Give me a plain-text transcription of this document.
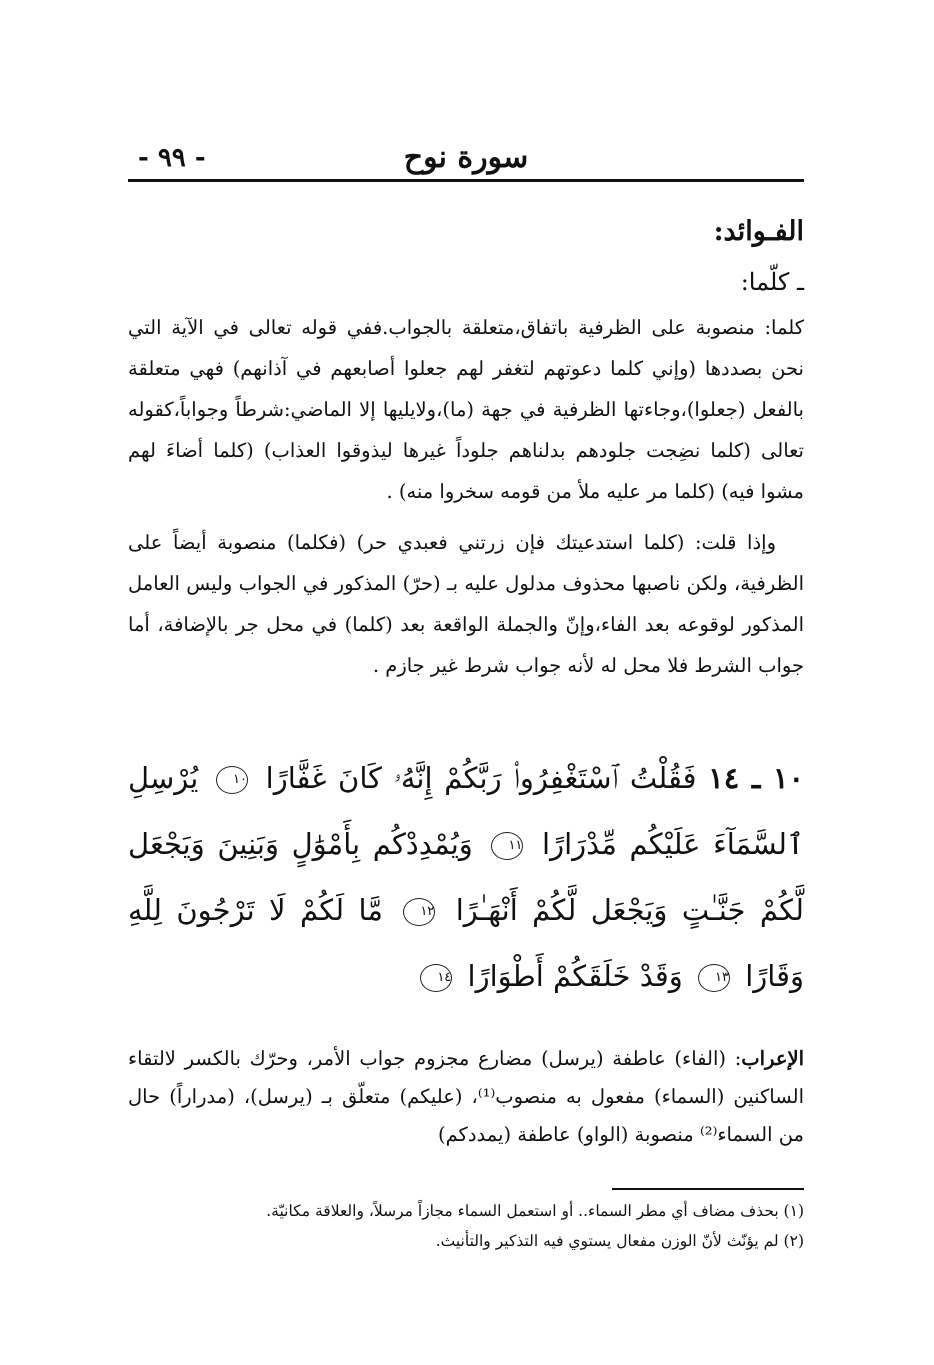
سورة نوح
- ٩٩ -
الفـوائد:
ـ كلّما:
كلما: منصوبة على الظرفية باتفاق،متعلقة بالجواب.ففي قوله تعالى في الآية التي نحن بصددها (وإني كلما دعوتهم لتغفر لهم جعلوا أصابعهم في آذانهم) فهي متعلقة بالفعل (جعلوا)،وجاءتها الظرفية في جهة (ما)،ولايليها إلا الماضي:شرطاً وجواباً،كقوله تعالى (كلما نضِجت جلودهم بدلناهم جلوداً غيرها ليذوقوا العذاب) (كلما أضاءَ لهم مشوا فيه) (كلما مر عليه ملأ من قومه سخروا منه) .
وإذا قلت: (كلما استدعيتك فإن زرتني فعبدي حر) (فكلما) منصوبة أيضاً على الظرفية، ولكن ناصبها محذوف مدلول عليه بـ (حرّ) المذكور في الجواب وليس العامل المذكور لوقوعه بعد الفاء،وإنّ والجملة الواقعة بعد (كلما) في محل جر بالإضافة، أما جواب الشرط فلا محل له لأنه جواب شرط غير جازم .
١٠ ـ ١٤ فَقُلْتُ ٱسْتَغْفِرُوا۟ رَبَّكُمْ إِنَّهُۥ كَانَ غَفَّارًا ١٠ يُرْسِلِ ٱلسَّمَآءَ عَلَيْكُم مِّدْرَارًا ١١ وَيُمْدِدْكُم بِأَمْوَٰلٍ وَبَنِينَ وَيَجْعَل لَّكُمْ جَنَّـٰتٍ وَيَجْعَل لَّكُمْ أَنْهَـٰرًا ١٢ مَّا لَكُمْ لَا تَرْجُونَ لِلَّهِ وَقَارًا ١٣ وَقَدْ خَلَقَكُمْ أَطْوَارًا ١٤
الإعراب: (الفاء) عاطفة (يرسل) مضارع مجزوم جواب الأمر، وحرّك بالكسر لالتقاء الساكنين (السماء) مفعول به منصوب⁽¹⁾، (عليكم) متعلّق بـ (يرسل)، (مدراراً) حال من السماء⁽²⁾ منصوبة (الواو) عاطفة (يمددكم)
(١) بحذف مضاف أي مطر السماء.. أو استعمل السماء مجازاً مرسلاً، والعلاقة مكانيّة.
(٢) لم يؤنّث لأنّ الوزن مفعال يستوي فيه التذكير والتأنيث.
